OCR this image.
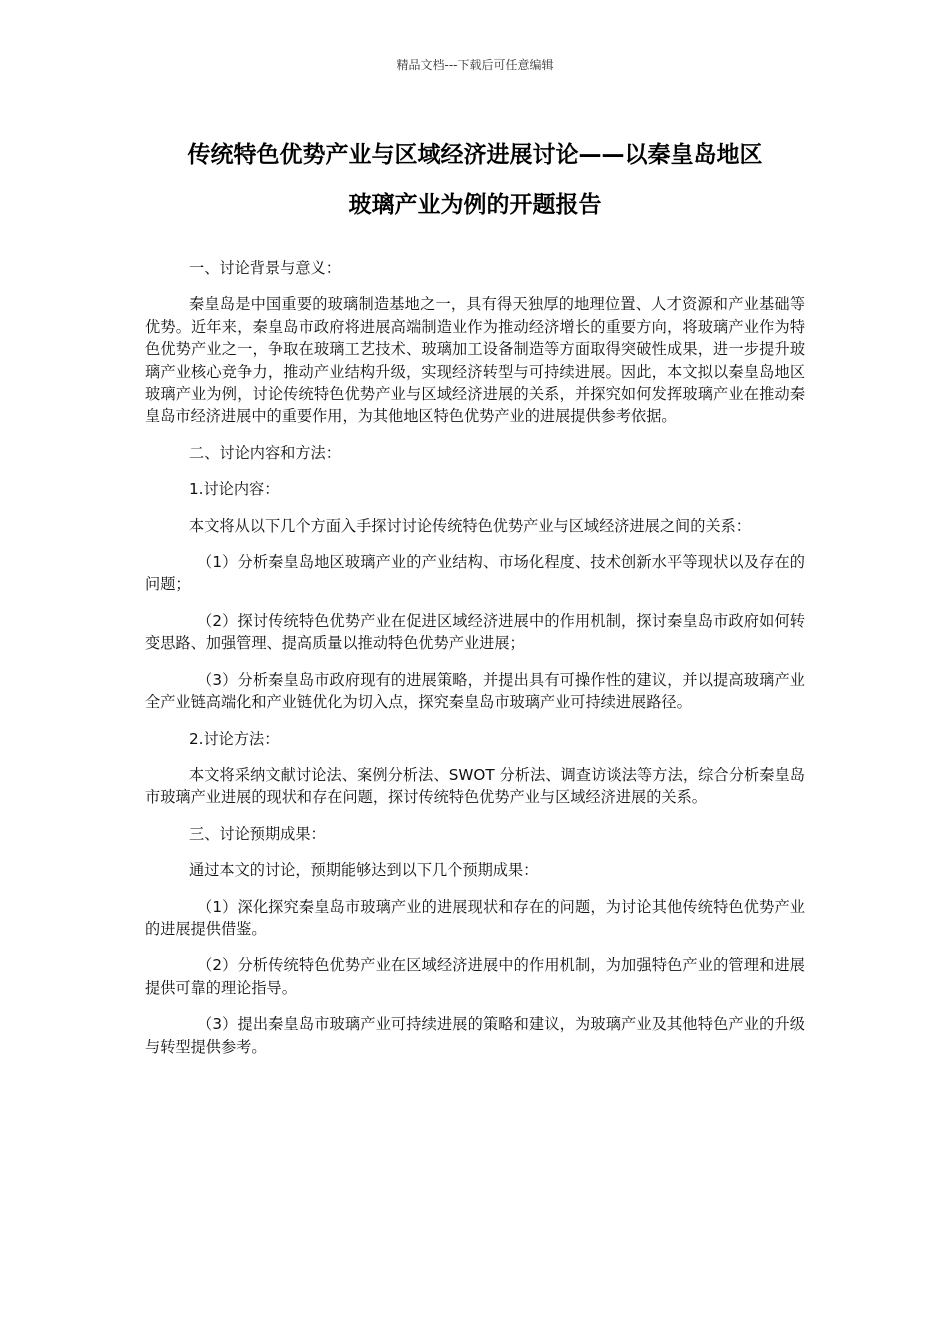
精品文档---下载后可任意编辑
传统特色优势产业与区域经济进展讨论——以秦皇岛地区
玻璃产业为例的开题报告

一、讨论背景与意义：

秦皇岛是中国重要的玻璃制造基地之一，具有得天独厚的地理位置、人才资源和产业基础等优势。近年来，秦皇岛市政府将进展高端制造业作为推动经济增长的重要方向，将玻璃产业作为特色优势产业之一，争取在玻璃工艺技术、玻璃加工设备制造等方面取得突破性成果，进一步提升玻璃产业核心竞争力，推动产业结构升级，实现经济转型与可持续进展。因此，本文拟以秦皇岛地区玻璃产业为例，讨论传统特色优势产业与区域经济进展的关系，并探究如何发挥玻璃产业在推动秦皇岛市经济进展中的重要作用，为其他地区特色优势产业的进展提供参考依据。

二、讨论内容和方法：

1.讨论内容：

本文将从以下几个方面入手探讨讨论传统特色优势产业与区域经济进展之间的关系：

（1）分析秦皇岛地区玻璃产业的产业结构、市场化程度、技术创新水平等现状以及存在的问题；

（2）探讨传统特色优势产业在促进区域经济进展中的作用机制，探讨秦皇岛市政府如何转变思路、加强管理、提高质量以推动特色优势产业进展；

（3）分析秦皇岛市政府现有的进展策略，并提出具有可操作性的建议，并以提高玻璃产业全产业链高端化和产业链优化为切入点，探究秦皇岛市玻璃产业可持续进展路径。

2.讨论方法：

本文将采纳文献讨论法、案例分析法、SWOT 分析法、调查访谈法等方法，综合分析秦皇岛市玻璃产业进展的现状和存在问题，探讨传统特色优势产业与区域经济进展的关系。

三、讨论预期成果：

通过本文的讨论，预期能够达到以下几个预期成果：

（1）深化探究秦皇岛市玻璃产业的进展现状和存在的问题，为讨论其他传统特色优势产业的进展提供借鉴。

（2）分析传统特色优势产业在区域经济进展中的作用机制，为加强特色产业的管理和进展提供可靠的理论指导。

（3）提出秦皇岛市玻璃产业可持续进展的策略和建议，为玻璃产业及其他特色产业的升级与转型提供参考。
